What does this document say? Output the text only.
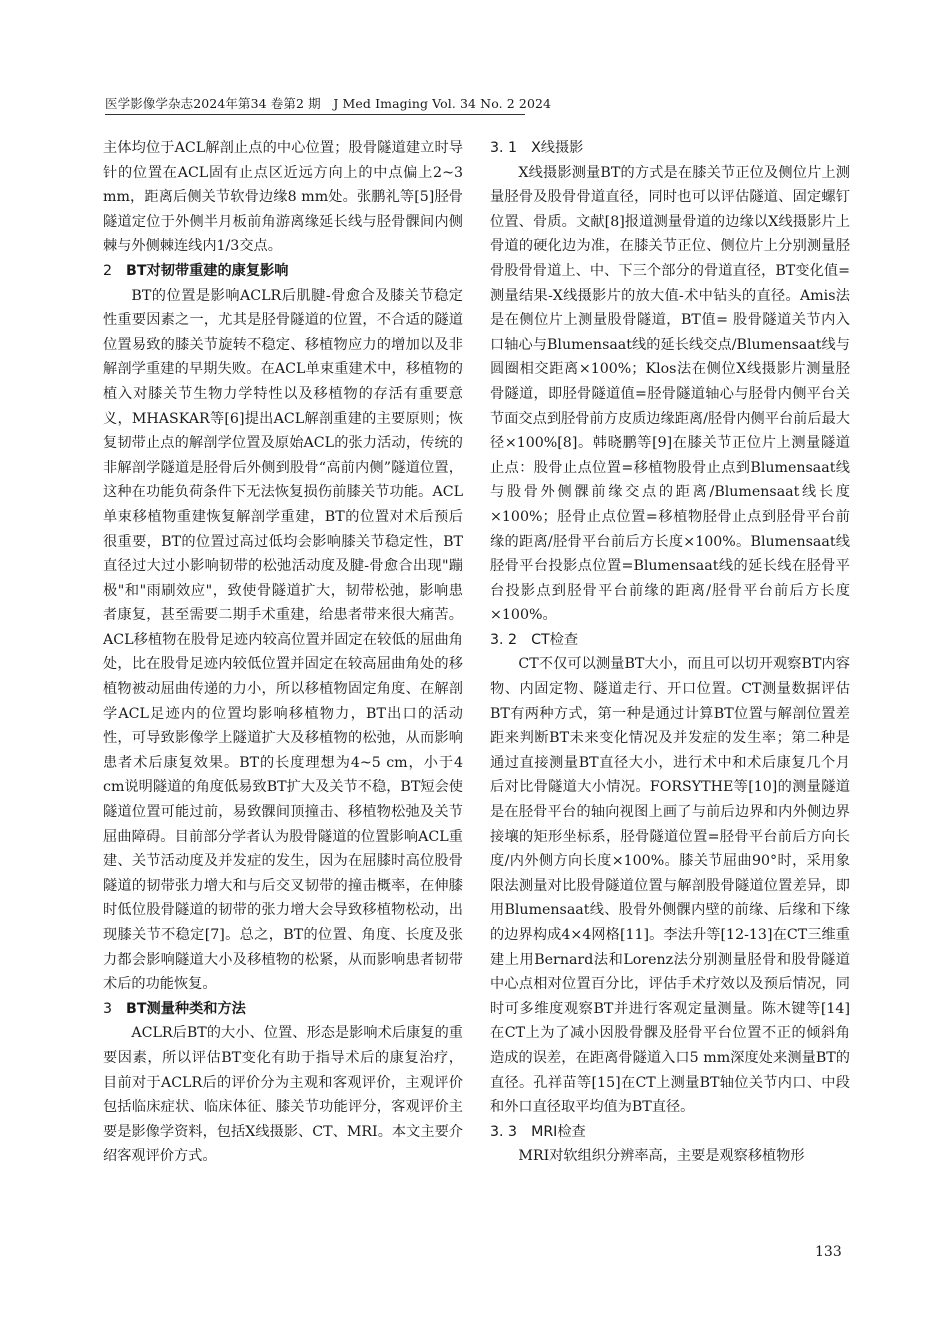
医学影像学杂志2024年第34 卷第2 期　J Med Imaging Vol. 34 No. 2 2024

主体均位于ACL解剖止点的中心位置；股骨隧道建立时导针的位置在ACL固有止点区近远方向上的中点偏上2~3 mm，距离后侧关节软骨边缘8 mm处。张鹏礼等[5]胫骨隧道定位于外侧半月板前角游离缘延长线与胫骨髁间内侧棘与外侧棘连线内1/3交点。

2 BT对韧带重建的康复影响

BT的位置是影响ACLR后肌腱-骨愈合及膝关节稳定性重要因素之一，尤其是胫骨隧道的位置，不合适的隧道位置易致的膝关节旋转不稳定、移植物应力的增加以及非解剖学重建的早期失败。在ACL单束重建术中，移植物的植入对膝关节生物力学特性以及移植物的存活有重要意义，MHASKAR等[6]提出ACL解剖重建的主要原则；恢复韧带止点的解剖学位置及原始ACL的张力活动，传统的非解剖学隧道是胫骨后外侧到股骨“高前内侧”隧道位置，这种在功能负荷条件下无法恢复损伤前膝关节功能。ACL单束移植物重建恢复解剖学重建，BT的位置对术后预后很重要，BT的位置过高过低均会影响膝关节稳定性，BT直径过大过小影响韧带的松弛活动度及腱-骨愈合出现"蹦极"和"雨刷效应"，致使骨隧道扩大，韧带松弛，影响患者康复，甚至需要二期手术重建，给患者带来很大痛苦。ACL移植物在股骨足迹内较高位置并固定在较低的屈曲角处，比在股骨足迹内较低位置并固定在较高屈曲角处的移植物被动屈曲传递的力小，所以移植物固定角度、在解剖学ACL足迹内的位置均影响移植物力，BT出口的活动性，可导致影像学上隧道扩大及移植物的松弛，从而影响患者术后康复效果。BT的长度理想为4~5 cm，小于4 cm说明隧道的角度低易致BT扩大及关节不稳，BT短会使隧道位置可能过前，易致髁间顶撞击、移植物松弛及关节屈曲障碍。目前部分学者认为股骨隧道的位置影响ACL重建、关节活动度及并发症的发生，因为在屈膝时高位股骨隧道的韧带张力增大和与后交叉韧带的撞击概率，在伸膝时低位股骨隧道的韧带的张力增大会导致移植物松动，出现膝关节不稳定[7]。总之，BT的位置、角度、长度及张力都会影响隧道大小及移植物的松紧，从而影响患者韧带术后的功能恢复。

3 BT测量种类和方法

ACLR后BT的大小、位置、形态是影响术后康复的重要因素，所以评估BT变化有助于指导术后的康复治疗，目前对于ACLR后的评价分为主观和客观评价，主观评价包括临床症状、临床体征、膝关节功能评分，客观评价主要是影像学资料，包括X线摄影、CT、MRI。本文主要介绍客观评价方式。

3. 1 X线摄影

X线摄影测量BT的方式是在膝关节正位及侧位片上测量胫骨及股骨骨道直径，同时也可以评估隧道、固定螺钉位置、骨质。文献[8]报道测量骨道的边缘以X线摄影片上骨道的硬化边为准，在膝关节正位、侧位片上分别测量胫骨股骨骨道上、中、下三个部分的骨道直径，BT变化值=测量结果-X线摄影片的放大值-术中钻头的直径。Amis法是在侧位片上测量股骨隧道，BT值= 股骨隧道关节内入口轴心与Blumensaat线的延长线交点/Blumensaat线与圆圈相交距离×100%；Klos法在侧位X线摄影片测量胫骨隧道，即胫骨隧道值=胫骨隧道轴心与胫骨内侧平台关节面交点到胫骨前方皮质边缘距离/胫骨内侧平台前后最大径×100%[8]。韩晓鹏等[9]在膝关节正位片上测量隧道止点：股骨止点位置=移植物股骨止点到Blumensaat线与股骨外侧髁前缘交点的距离/Blumensaat线长度×100%；胫骨止点位置=移植物胫骨止点到胫骨平台前缘的距离/胫骨平台前后方长度×100%。Blumensaat线胫骨平台投影点位置=Blumensaat线的延长线在胫骨平台投影点到胫骨平台前缘的距离/胫骨平台前后方长度×100%。

3. 2 CT检查

CT不仅可以测量BT大小，而且可以切开观察BT内容物、内固定物、隧道走行、开口位置。CT测量数据评估BT有两种方式，第一种是通过计算BT位置与解剖位置差距来判断BT未来变化情况及并发症的发生率；第二种是通过直接测量BT直径大小，进行术中和术后康复几个月后对比骨隧道大小情况。FORSYTHE等[10]的测量隧道是在胫骨平台的轴向视图上画了与前后边界和内外侧边界接壤的矩形坐标系，胫骨隧道位置=胫骨平台前后方向长度/内外侧方向长度×100%。膝关节屈曲90°时，采用象限法测量对比股骨隧道位置与解剖股骨隧道位置差异，即用Blumensaat线、股骨外侧髁内壁的前缘、后缘和下缘的边界构成4×4网格[11]。李法升等[12-13]在CT三维重建上用Bernard法和Lorenz法分别测量胫骨和股骨隧道中心点相对位置百分比，评估手术疗效以及预后情况，同时可多维度观察BT并进行客观定量测量。陈木键等[14]在CT上为了减小因股骨髁及胫骨平台位置不正的倾斜角造成的误差，在距离骨隧道入口5 mm深度处来测量BT的直径。孔祥苗等[15]在CT上测量BT轴位关节内口、中段和外口直径取平均值为BT直径。

3. 3 MRI检查

MRI对软组织分辨率高，主要是观察移植物形

133
